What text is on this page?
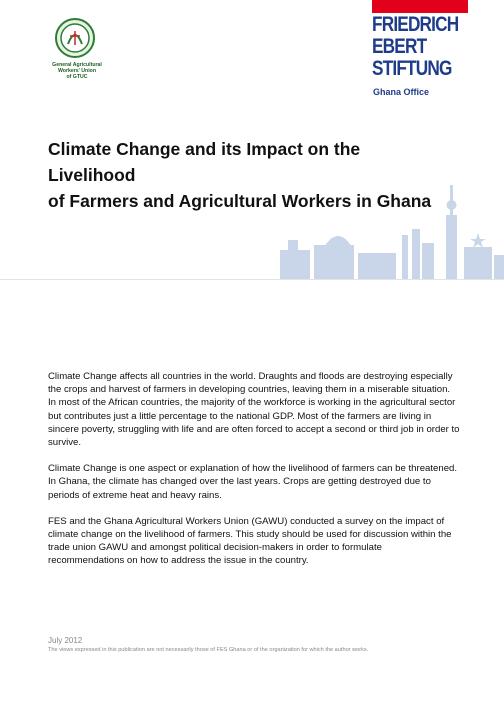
General Agricultural
Workers' Union
of GTUC
FRIEDRICH
EBERT
STIFTUNG
Ghana Office
Climate Change and its Impact on the Livelihood
of Farmers and Agricultural Workers in Ghana

Climate Change affects all countries in the world. Draughts and floods are destroying especially the crops and harvest of farmers in developing countries, leaving them in a miserable situation. In most of the African countries, the majority of the workforce is working in the agricultural sector but contributes just a little percentage to the national GDP. Most of the farmers are living in sincere poverty, struggling with life and are often forced to accept a second or third job in order to survive.

Climate Change is one aspect or explanation of how the livelihood of farmers can be threatened. In Ghana, the climate has changed over the last years. Crops are getting destroyed due to periods of extreme heat and heavy rains.

FES and the Ghana Agricultural Workers Union (GAWU) conducted a survey on the impact of climate change on the livelihood of farmers. This study should be used for discussion within the trade union GAWU and amongst political decision-makers in order to formulate recommendations on how to address the issue in the country.

July 2012
The views expressed in this publication are not necessarily those of FES Ghana or of the organization for which the author works.
